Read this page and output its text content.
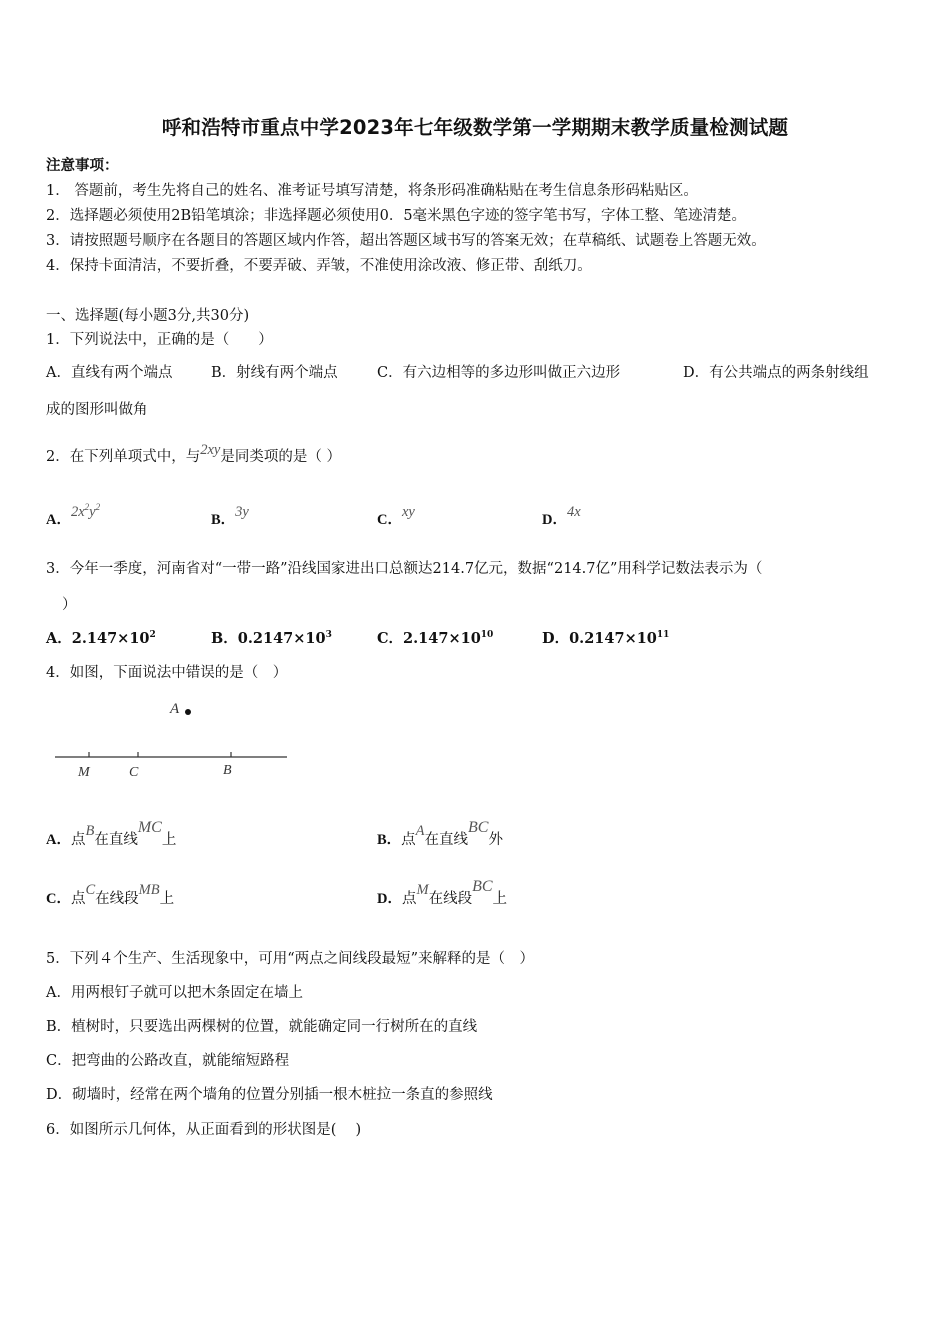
呼和浩特市重点中学2023年七年级数学第一学期期末教学质量检测试题
注意事项：
1． 答题前，考生先将自己的姓名、准考证号填写清楚，将条形码准确粘贴在考生信息条形码粘贴区。
2．选择题必须使用2B铅笔填涂；非选择题必须使用0．5毫米黑色字迹的签字笔书写，字体工整、笔迹清楚。
3．请按照题号顺序在各题目的答题区域内作答，超出答题区域书写的答案无效；在草稿纸、试题卷上答题无效。
4．保持卡面清洁，不要折叠，不要弄破、弄皱，不准使用涂改液、修正带、刮纸刀。
一、选择题(每小题3分,共30分)
1．下列说法中，正确的是（　　）
A．直线有两个端点	B．射线有两个端点	C．有六边相等的多边形叫做正六边形	D．有公共端点的两条射线组
成的图形叫做角
2．在下列单项式中，与2xy是同类项的是（ ）
A．$2x^2y^2$
B．3y	C．xy	D．4x
3．今年一季度，河南省对“一带一路”沿线国家进出口总额达214.7亿元，数据“214.7亿”用科学记数法表示为（
）
A．$2.147\times 10^2$	B．$0.2147\times 10^3$	C．$2.147\times 10^{10}$	D．$0.2147\times 10^{11}$
4．如图，下面说法中错误的是（　）
A
M	C	B
A．点B在直线MC上	B．点A在直线BC外
C．点C在线段MB上	D．点M在线段BC上
5．下列４个生产、生活现象中，可用“两点之间线段最短”来解释的是（　）
A．用两根钉子就可以把木条固定在墙上
B．植树时，只要选出两棵树的位置，就能确定同一行树所在的直线
C．把弯曲的公路改直，就能缩短路程
D．砌墙时，经常在两个墙角的位置分别插一根木桩拉一条直的参照线
6．如图所示几何体，从正面看到的形状图是(　 )
